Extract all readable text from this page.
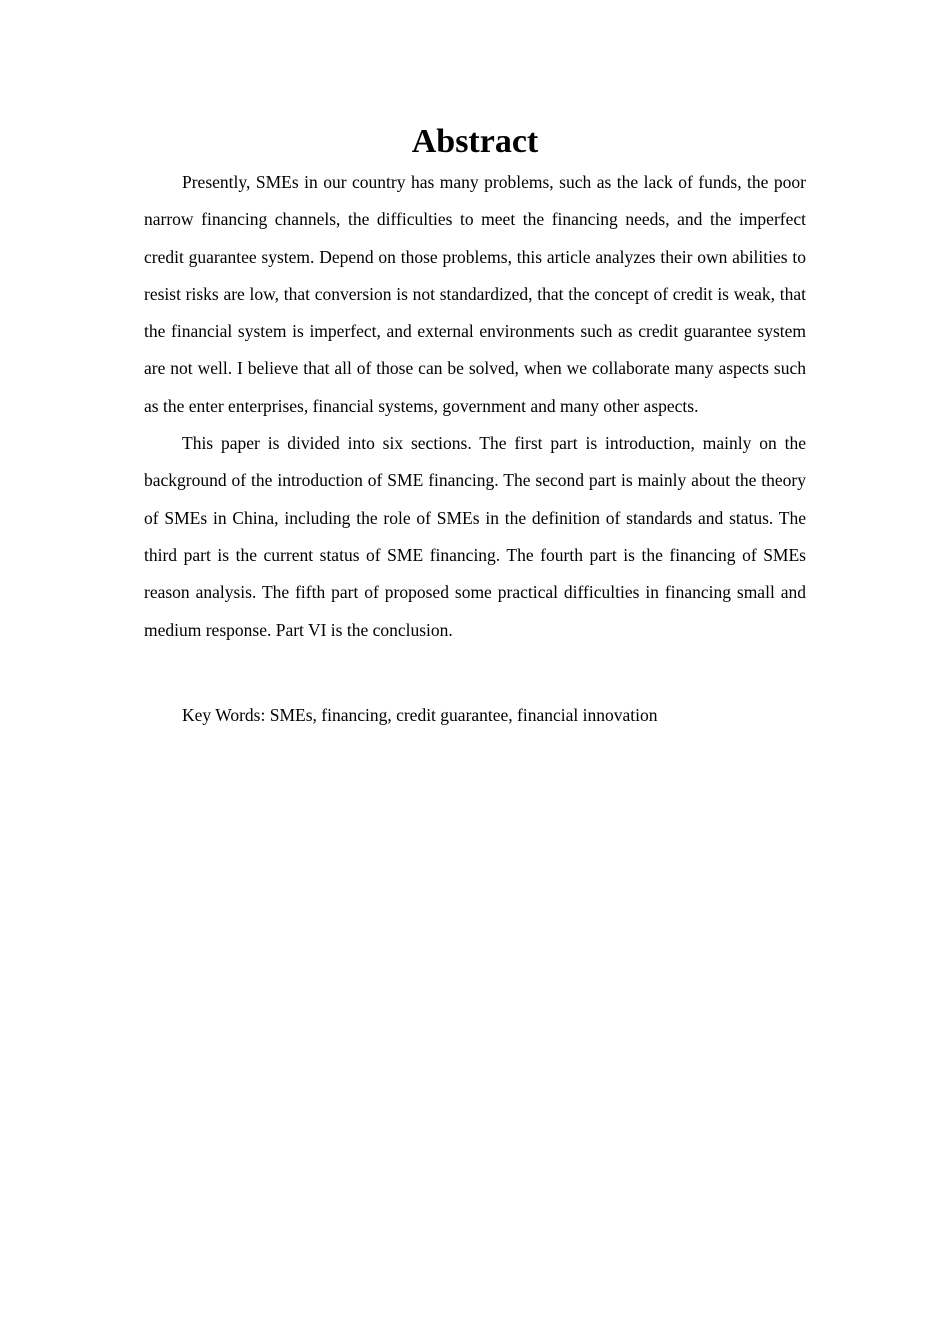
Abstract

Presently, SMEs in our country has many problems, such as the lack of funds, the poor narrow financing channels, the difficulties to meet the financing needs, and the imperfect credit guarantee system. Depend on those problems, this article analyzes their own abilities to resist risks are low, that conversion is not standardized, that the concept of credit is weak, that the financial system is imperfect, and external environments such as credit guarantee system are not well. I believe that all of those can be solved, when we collaborate many aspects such as the enter enterprises, financial systems, government and many other aspects.

This paper is divided into six sections. The first part is introduction, mainly on the background of the introduction of SME financing. The second part is mainly about the theory of SMEs in China, including the role of SMEs in the definition of standards and status. The third part is the current status of SME financing. The fourth part is the financing of SMEs reason analysis. The fifth part of proposed some practical difficulties in financing small and medium response. Part VI is the conclusion.

Key Words: SMEs, financing, credit guarantee, financial innovation
